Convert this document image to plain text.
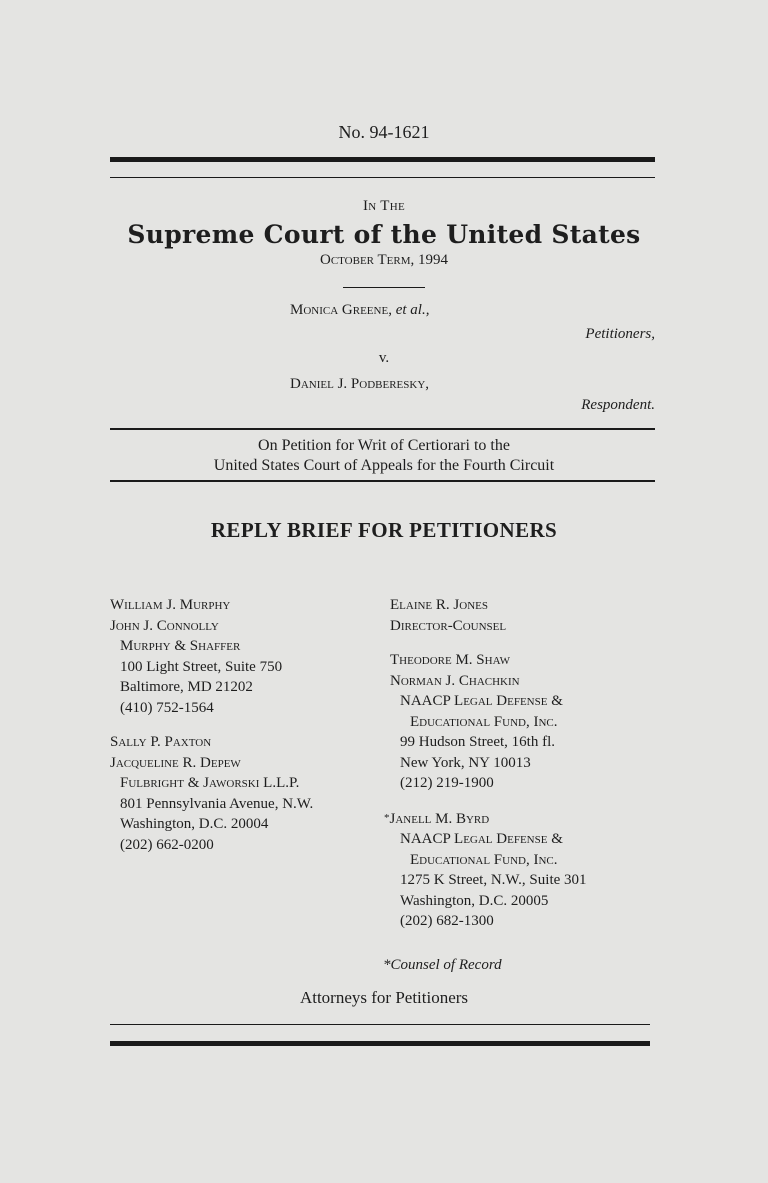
No. 94-1621
In The
Supreme Court of the United States
October Term, 1994
Monica Greene, et al.,
Petitioners,
v.
Daniel J. Podberesky,
Respondent.
On Petition for Writ of Certiorari to the
United States Court of Appeals for the Fourth Circuit
REPLY BRIEF FOR PETITIONERS
William J. Murphy
John J. Connolly
Murphy & Shaffer
100 Light Street, Suite 750
Baltimore, MD 21202
(410) 752-1564
Sally P. Paxton
Jacqueline R. Depew
Fulbright & Jaworski L.L.P.
801 Pennsylvania Avenue, N.W.
Washington, D.C. 20004
(202) 662-0200
Elaine R. Jones
Director-Counsel
Theodore M. Shaw
Norman J. Chachkin
NAACP Legal Defense &
Educational Fund, Inc.
99 Hudson Street, 16th fl.
New York, NY 10013
(212) 219-1900
*Janell M. Byrd
NAACP Legal Defense &
Educational Fund, Inc.
1275 K Street, N.W., Suite 301
Washington, D.C. 20005
(202) 682-1300
*Counsel of Record
Attorneys for Petitioners
